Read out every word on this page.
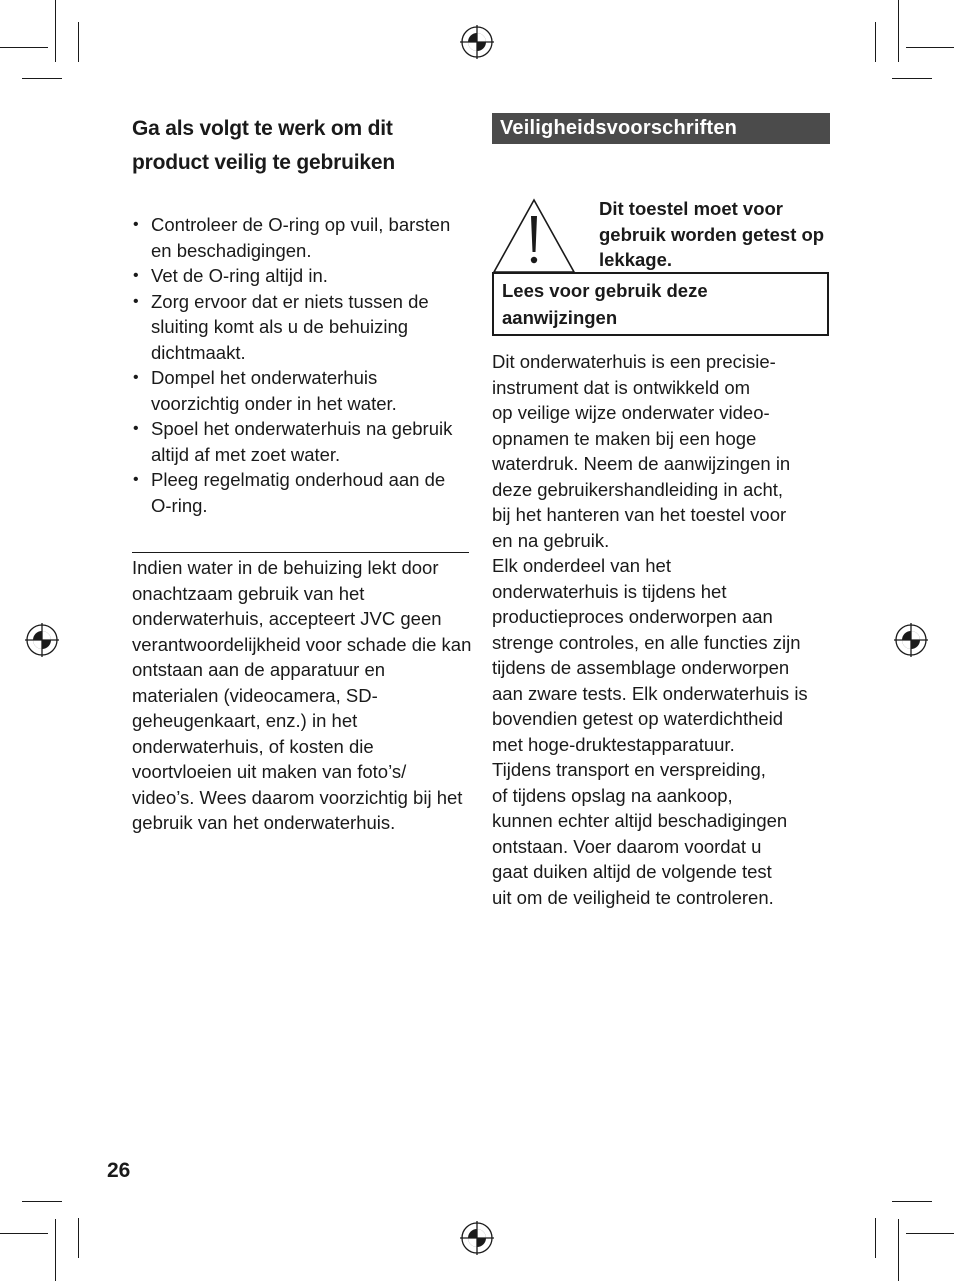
Ga als volgt te werk om dit
product veilig te gebruiken
• Controleer de O-ring op vuil, barsten en beschadigingen.
• Vet de O-ring altijd in.
• Zorg ervoor dat er niets tussen de sluiting komt als u de behuizing dichtmaakt.
• Dompel het onderwaterhuis voorzichtig onder in het water.
• Spoel het onderwaterhuis na gebruik altijd af met zoet water.
• Pleeg regelmatig onderhoud aan de O-ring.

Indien water in de behuizing lekt door onachtzaam gebruik van het onderwaterhuis, accepteert JVC geen verantwoordelijkheid voor schade die kan ontstaan aan de apparatuur en materialen (videocamera, SD-geheugenkaart, enz.) in het onderwaterhuis, of kosten die voortvloeien uit maken van foto’s/ video’s. Wees daarom voorzichtig bij het gebruik van het onderwaterhuis.

Veiligheidsvoorschriften

Dit toestel moet voor gebruik worden getest op lekkage.

Lees voor gebruik deze aanwijzingen

Dit onderwaterhuis is een precisie-
instrument dat is ontwikkeld om
op veilige wijze onderwater video-
opnamen te maken bij een hoge
waterdruk. Neem de aanwijzingen in
deze gebruikershandleiding in acht,
bij het hanteren van het toestel voor
en na gebruik.
Elk onderdeel van het
onderwaterhuis is tijdens het
productieproces onderworpen aan
strenge controles, en alle functies zijn
tijdens de assemblage onderworpen
aan zware tests. Elk onderwaterhuis is
bovendien getest op waterdichtheid
met hoge-druktestapparatuur.
Tijdens transport en verspreiding,
of tijdens opslag na aankoop,
kunnen echter altijd beschadigingen
ontstaan. Voer daarom voordat u
gaat duiken altijd de volgende test
uit om de veiligheid te controleren.

26
